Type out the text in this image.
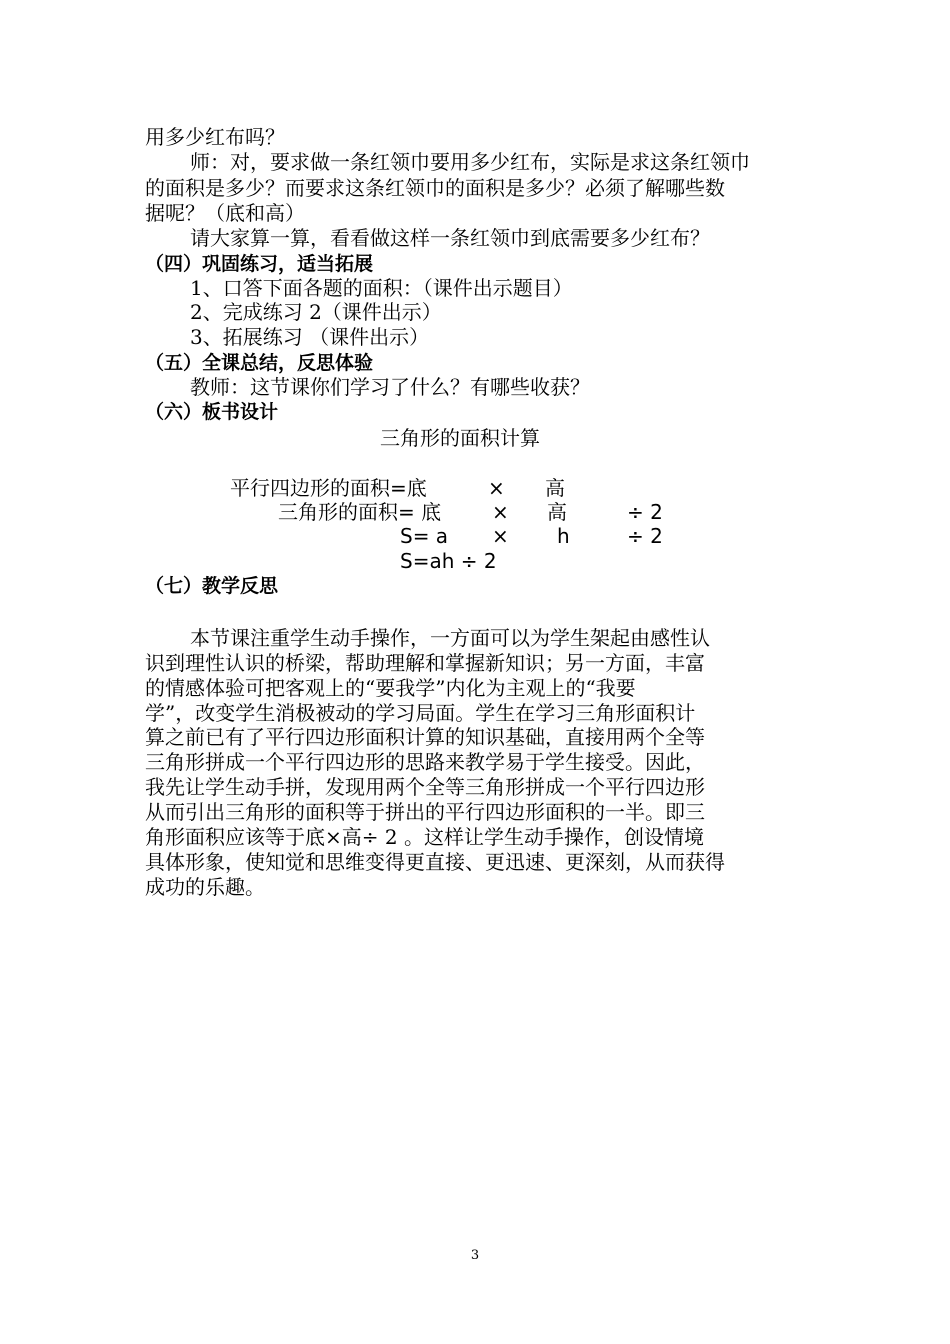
用多少红布吗？
师：对，要求做一条红领巾要用多少红布，实际是求这条红领巾
的面积是多少？而要求这条红领巾的面积是多少？必须了解哪些数
据呢？（底和高）
请大家算一算，看看做这样一条红领巾到底需要多少红布？
（四）巩固练习，适当拓展
1、口答下面各题的面积：（课件出示题目）
2、完成练习 2（课件出示）
3、拓展练习 （课件出示）
（五）全课总结，反思体验
教师：这节课你们学习了什么？有哪些收获？
（六）板书设计
三角形的面积计算
平行四边形的面积=底	× 高
三角形的面积= 底	× 高	÷ 2
S= a × h	÷ 2
S=ah ÷ 2
（七）教学反思
本节课注重学生动手操作，一方面可以为学生架起由感性认
识到理性认识的桥梁，帮助理解和掌握新知识；另一方面，丰富
的情感体验可把客观上的“要我学”内化为主观上的“我要
学”，改变学生消极被动的学习局面。学生在学习三角形面积计
算之前已有了平行四边形面积计算的知识基础，直接用两个全等
三角形拼成一个平行四边形的思路来教学易于学生接受。因此，
我先让学生动手拼，发现用两个全等三角形拼成一个平行四边形
从而引出三角形的面积等于拼出的平行四边形面积的一半。即三
角形面积应该等于底×高÷ 2 。这样让学生动手操作，创设情境
具体形象，使知觉和思维变得更直接、更迅速、更深刻，从而获得
成功的乐趣。
3
